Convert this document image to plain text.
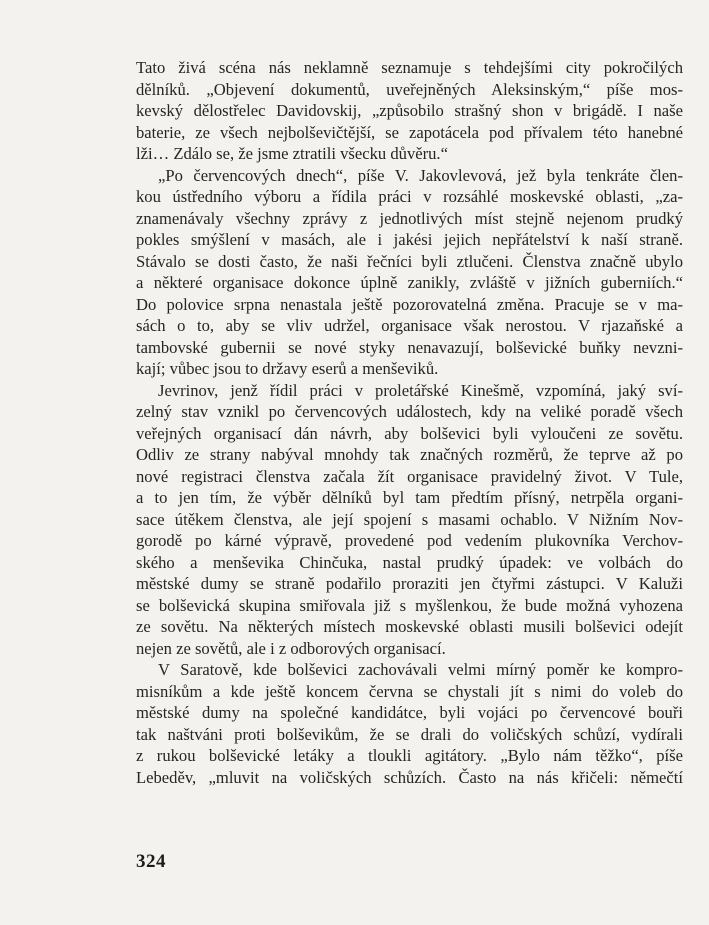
Tato živá scéna nás neklamně seznamuje s tehdejšími city pokročilých
dělníků. „Objevení dokumentů, uveřejněných Aleksinským,“ píše mos-
kevský dělostřelec Davidovskij, „způsobilo strašný shon v brigádě. I naše
baterie, ze všech nejbolševičtější, se zapotácela pod přívalem této hanebné
lži… Zdálo se, že jsme ztratili všecku důvěru.“
„Po červencových dnech“, píše V. Jakovlevová, jež byla tenkráte člen-
kou ústředního výboru a řídila práci v rozsáhlé moskevské oblasti, „za-
znamenávaly všechny zprávy z jednotlivých míst stejně nejenom prudký
pokles smýšlení v masách, ale i jakési jejich nepřátelství k naší straně.
Stávalo se dosti často, že naši řečníci byli ztlučeni. Členstva značně ubylo
a některé organisace dokonce úplně zanikly, zvláště v jižních guberniích.“
Do polovice srpna nenastala ještě pozorovatelná změna. Pracuje se v ma-
sách o to, aby se vliv udržel, organisace však nerostou. V rjazaňské a
tambovské gubernii se nové styky nenavazují, bolševické buňky nevzni-
kají; vůbec jsou to državy eserů a menševiků.
Jevrinov, jenž řídil práci v proletářské Kinešmě, vzpomíná, jaký sví-
zelný stav vznikl po červencových událostech, kdy na veliké poradě všech
veřejných organisací dán návrh, aby bolševici byli vyloučeni ze sovětu.
Odliv ze strany nabýval mnohdy tak značných rozměrů, že teprve až po
nové registraci členstva začala žít organisace pravidelný život. V Tule,
a to jen tím, že výběr dělníků byl tam předtím přísný, netrpěla organi-
sace útěkem členstva, ale její spojení s masami ochablo. V Nižním Nov-
gorodě po kárné výpravě, provedené pod vedením plukovníka Verchov-
ského a menševika Chinčuka, nastal prudký úpadek: ve volbách do
městské dumy se straně podařilo proraziti jen čtyřmi zástupci. V Kaluži
se bolševická skupina smiřovala již s myšlenkou, že bude možná vyhozena
ze sovětu. Na některých místech moskevské oblasti musili bolševici odejít
nejen ze sovětů, ale i z odborových organisací.
V Saratově, kde bolševici zachovávali velmi mírný poměr ke kompro-
misníkům a kde ještě koncem června se chystali jít s nimi do voleb do
městské dumy na společné kandidátce, byli vojáci po červencové bouři
tak naštváni proti bolševikům, že se drali do voličských schůzí, vydírali
z rukou bolševické letáky a tloukli agitátory. „Bylo nám těžko“, píše
Lebeděv, „mluvit na voličských schůzích. Často na nás křičeli: němečtí
324
